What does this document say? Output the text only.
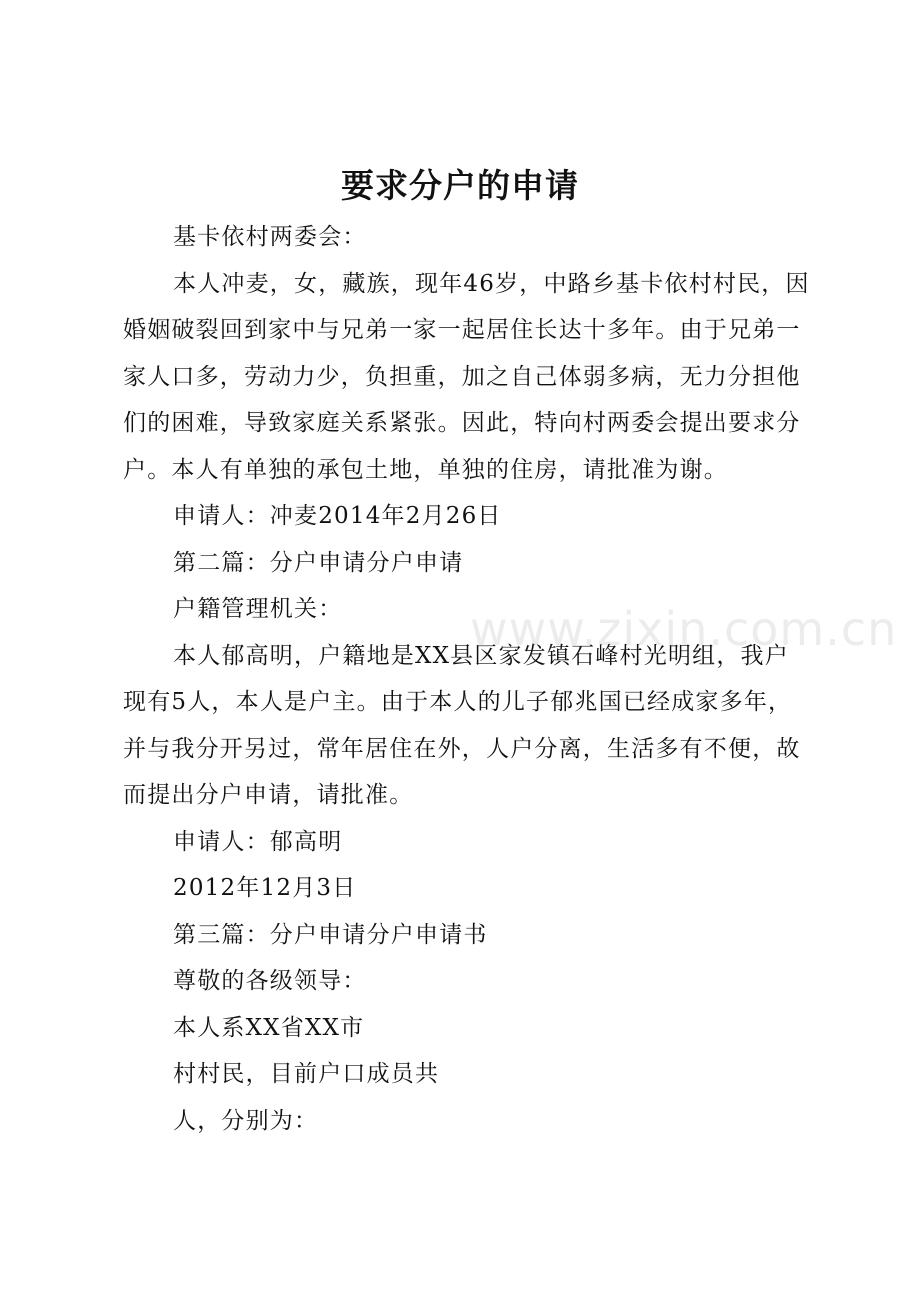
要求分户的申请

基卡依村两委会：

本人冲麦，女，藏族，现年46岁，中路乡基卡依村村民，因婚姻破裂回到家中与兄弟一家一起居住长达十多年。由于兄弟一家人口多，劳动力少，负担重，加之自己体弱多病，无力分担他们的困难，导致家庭关系紧张。因此，特向村两委会提出要求分户。本人有单独的承包土地，单独的住房，请批准为谢。

申请人：冲麦2014年2月26日

第二篇：分户申请分户申请

户籍管理机关：

本人郁高明，户籍地是XX县区家发镇石峰村光明组，我户现有5人，本人是户主。由于本人的儿子郁兆国已经成家多年，并与我分开另过，常年居住在外，人户分离，生活多有不便，故而提出分户申请，请批准。

申请人：郁高明

2012年12月3日

第三篇：分户申请分户申请书

尊敬的各级领导：

本人系XX省XX市

村村民，目前户口成员共

人，分别为：

www.zixin.com.cn
